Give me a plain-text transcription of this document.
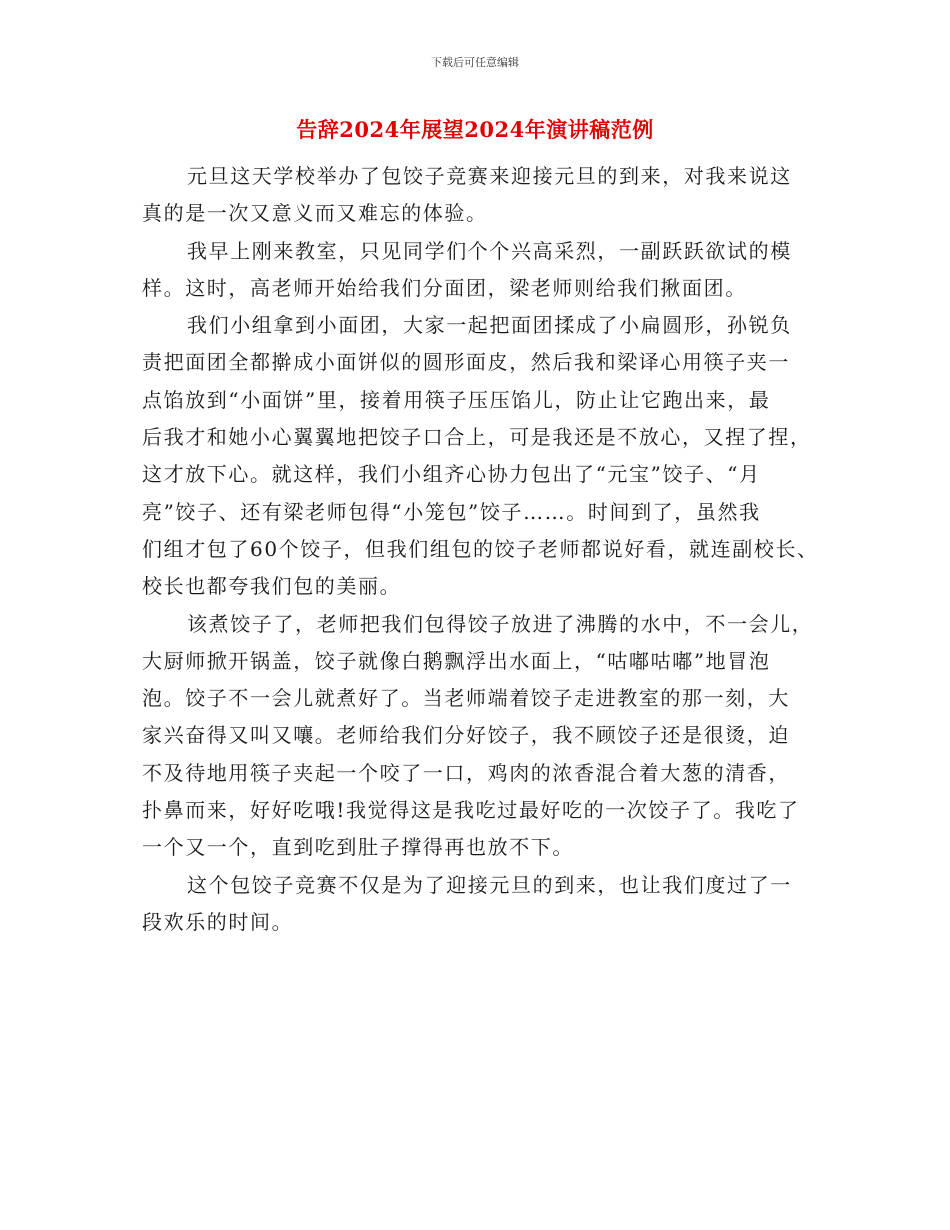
下载后可任意编辑
告辞2024年展望2024年演讲稿范例
元旦这天学校举办了包饺子竞赛来迎接元旦的到来，对我来说这
真的是一次又意义而又难忘的体验。
我早上刚来教室，只见同学们个个兴高采烈，一副跃跃欲试的模
样。这时，高老师开始给我们分面团，梁老师则给我们揪面团。
我们小组拿到小面团，大家一起把面团揉成了小扁圆形，孙锐负
责把面团全都擀成小面饼似的圆形面皮，然后我和梁译心用筷子夹一
点馅放到“小面饼”里，接着用筷子压压馅儿，防止让它跑出来，最
后我才和她小心翼翼地把饺子口合上，可是我还是不放心，又捏了捏，
这才放下心。就这样，我们小组齐心协力包出了“元宝”饺子、“月
亮”饺子、还有梁老师包得“小笼包”饺子……。时间到了，虽然我
们组才包了60个饺子，但我们组包的饺子老师都说好看，就连副校长、
校长也都夸我们包的美丽。
该煮饺子了，老师把我们包得饺子放进了沸腾的水中，不一会儿，
大厨师掀开锅盖，饺子就像白鹅飘浮出水面上，“咕嘟咕嘟”地冒泡
泡。饺子不一会儿就煮好了。当老师端着饺子走进教室的那一刻，大
家兴奋得又叫又嚷。老师给我们分好饺子，我不顾饺子还是很烫，迫
不及待地用筷子夹起一个咬了一口，鸡肉的浓香混合着大葱的清香，
扑鼻而来，好好吃哦!我觉得这是我吃过最好吃的一次饺子了。我吃了
一个又一个，直到吃到肚子撑得再也放不下。
这个包饺子竞赛不仅是为了迎接元旦的到来，也让我们度过了一
段欢乐的时间。
